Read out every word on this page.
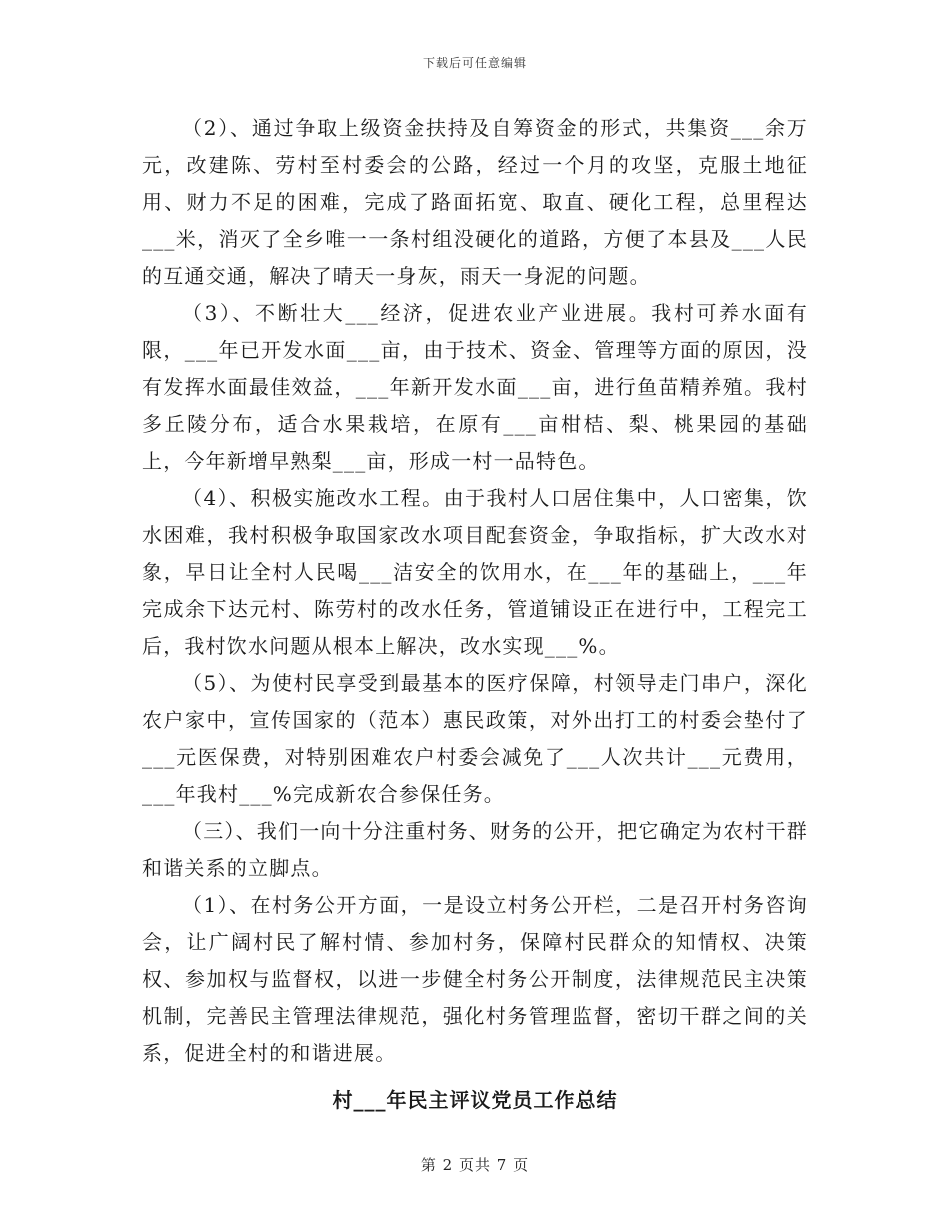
下载后可任意编辑

（2）、通过争取上级资金扶持及自筹资金的形式，共集资___余万元，改建陈、劳村至村委会的公路，经过一个月的攻坚，克服土地征用、财力不足的困难，完成了路面拓宽、取直、硬化工程，总里程达___米，消灭了全乡唯一一条村组没硬化的道路，方便了本县及___人民的互通交通，解决了晴天一身灰，雨天一身泥的问题。

（3）、不断壮大___经济，促进农业产业进展。我村可养水面有限，___年已开发水面___亩，由于技术、资金、管理等方面的原因，没有发挥水面最佳效益，___年新开发水面___亩，进行鱼苗精养殖。我村多丘陵分布，适合水果栽培，在原有___亩柑桔、梨、桃果园的基础上，今年新增早熟梨___亩，形成一村一品特色。

（4）、积极实施改水工程。由于我村人口居住集中，人口密集，饮水困难，我村积极争取国家改水项目配套资金，争取指标，扩大改水对象，早日让全村人民喝___洁安全的饮用水，在___年的基础上，___年完成余下达元村、陈劳村的改水任务，管道铺设正在进行中，工程完工后，我村饮水问题从根本上解决，改水实现___%。

（5）、为使村民享受到最基本的医疗保障，村领导走门串户，深化农户家中，宣传国家的（范本）惠民政策，对外出打工的村委会垫付了___元医保费，对特别困难农户村委会减免了___人次共计___元费用，___年我村___%完成新农合参保任务。

（三）、我们一向十分注重村务、财务的公开，把它确定为农村干群和谐关系的立脚点。

（1）、在村务公开方面，一是设立村务公开栏，二是召开村务咨询会，让广阔村民了解村情、参加村务，保障村民群众的知情权、决策权、参加权与监督权，以进一步健全村务公开制度，法律规范民主决策机制，完善民主管理法律规范，强化村务管理监督，密切干群之间的关系，促进全村的和谐进展。

村___年民主评议党员工作总结
第 2 页共 7 页
